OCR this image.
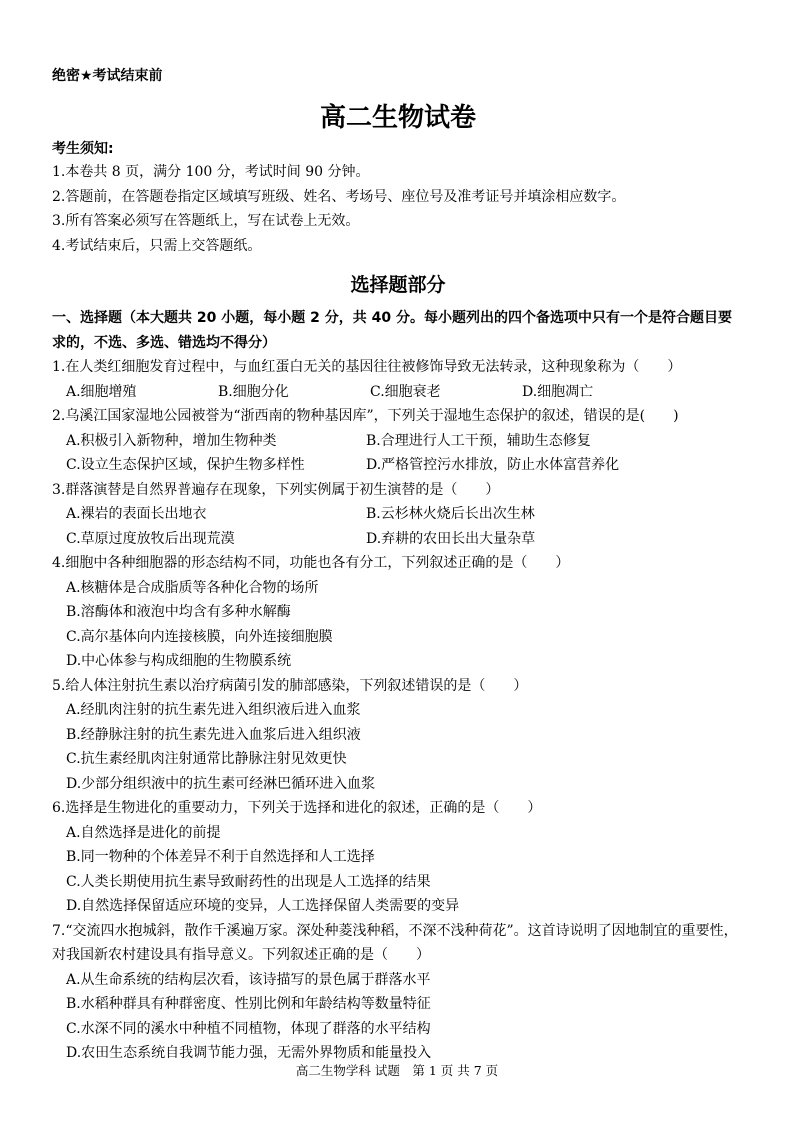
绝密★考试结束前
高二生物试卷
考生须知:
1.本卷共 8 页，满分 100 分，考试时间 90 分钟。
2.答题前，在答题卷指定区域填写班级、姓名、考场号、座位号及准考证号并填涂相应数字。
3.所有答案必须写在答题纸上，写在试卷上无效。
4.考试结束后，只需上交答题纸。
选择题部分
一、选择题（本大题共 20 小题，每小题 2 分，共 40 分。每小题列出的四个备选项中只有一个是符合题目要求的，不选、多选、错选均不得分）
1.在人类红细胞发育过程中，与血红蛋白无关的基因往往被修饰导致无法转录，这种现象称为（　　）
A.细胞增殖	B.细胞分化	C.细胞衰老	D.细胞凋亡
2.乌溪江国家湿地公园被誉为“浙西南的物种基因库”，下列关于湿地生态保护的叙述，错误的是(　　)
A.积极引入新物种，增加生物种类	B.合理进行人工干预，辅助生态修复
C.设立生态保护区域，保护生物多样性	D.严格管控污水排放，防止水体富营养化
3.群落演替是自然界普遍存在现象，下列实例属于初生演替的是（　　）
A.裸岩的表面长出地衣	B.云杉林火烧后长出次生林
C.草原过度放牧后出现荒漠	D.弃耕的农田长出大量杂草
4.细胞中各种细胞器的形态结构不同，功能也各有分工，下列叙述正确的是（　　）
A.核糖体是合成脂质等各种化合物的场所
B.溶酶体和液泡中均含有多种水解酶
C.高尔基体向内连接核膜，向外连接细胞膜
D.中心体参与构成细胞的生物膜系统
5.给人体注射抗生素以治疗病菌引发的肺部感染，下列叙述错误的是（　　）
A.经肌肉注射的抗生素先进入组织液后进入血浆
B.经静脉注射的抗生素先进入血浆后进入组织液
C.抗生素经肌肉注射通常比静脉注射见效更快
D.少部分组织液中的抗生素可经淋巴循环进入血浆
6.选择是生物进化的重要动力，下列关于选择和进化的叙述，正确的是（　　）
A.自然选择是进化的前提
B.同一物种的个体差异不利于自然选择和人工选择
C.人类长期使用抗生素导致耐药性的出现是人工选择的结果
D.自然选择保留适应环境的变异，人工选择保留人类需要的变异
7.“交流四水抱城斜，散作千溪遍万家。深处种菱浅种稻，不深不浅种荷花”。这首诗说明了因地制宜的重要性，对我国新农村建设具有指导意义。下列叙述正确的是（　　）
A.从生命系统的结构层次看，该诗描写的景色属于群落水平
B.水稻种群具有种群密度、性别比例和年龄结构等数量特征
C.水深不同的溪水中种植不同植物，体现了群落的水平结构
D.农田生态系统自我调节能力强，无需外界物质和能量投入
高二生物学科 试题　第 1 页 共 7 页
